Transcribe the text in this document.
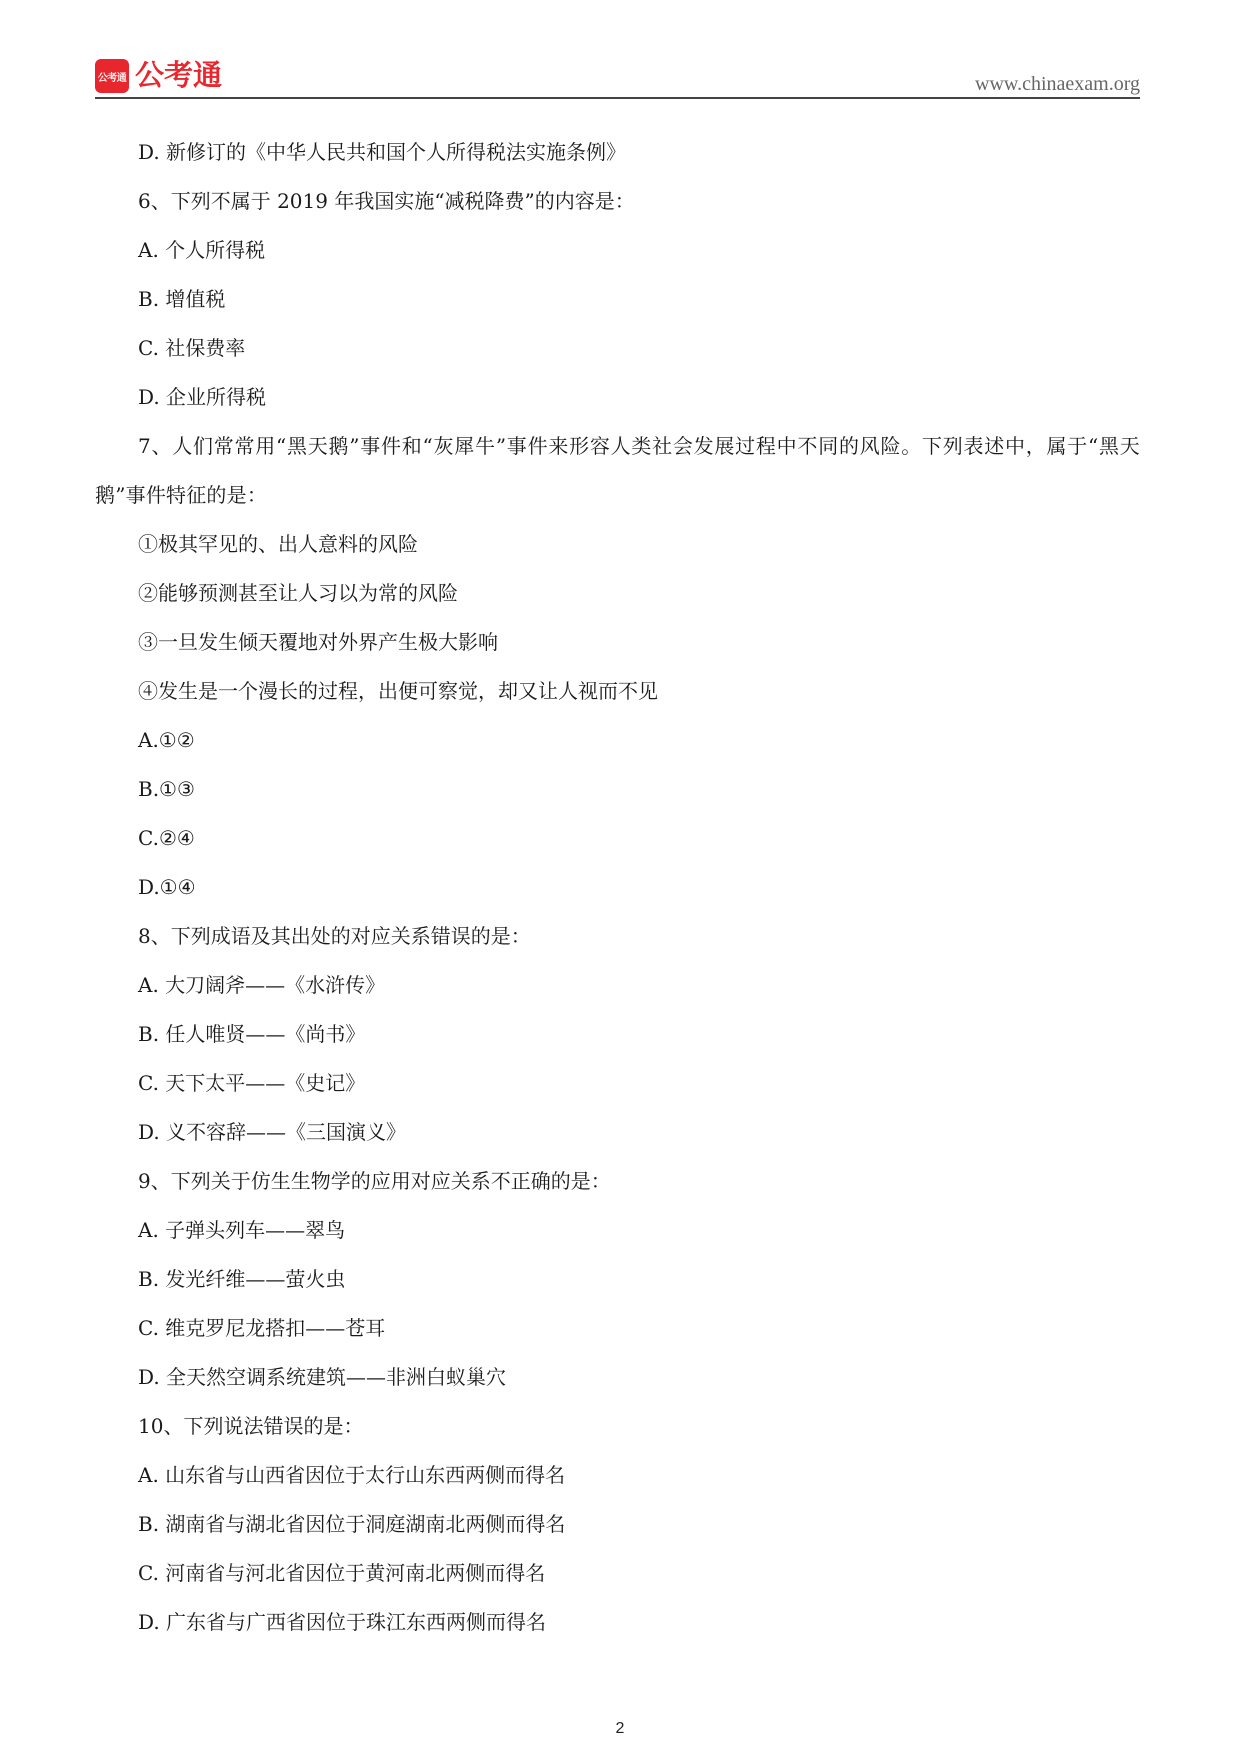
公考通 公考通	www.chinaexam.org

D. 新修订的《中华人民共和国个人所得税法实施条例》

6、下列不属于 2019 年我国实施“减税降费”的内容是：

A. 个人所得税

B. 增值税

C. 社保费率

D. 企业所得税

7、人们常常用“黑天鹅”事件和“灰犀牛”事件来形容人类社会发展过程中不同的风险。下列表述中，属于“黑天鹅”事件特征的是：

①极其罕见的、出人意料的风险

②能够预测甚至让人习以为常的风险

③一旦发生倾天覆地对外界产生极大影响

④发生是一个漫长的过程，出便可察觉，却又让人视而不见

A.①②

B.①③

C.②④

D.①④

8、下列成语及其出处的对应关系错误的是：

A. 大刀阔斧——《水浒传》

B. 任人唯贤——《尚书》

C. 天下太平——《史记》

D. 义不容辞——《三国演义》

9、下列关于仿生生物学的应用对应关系不正确的是：

A. 子弹头列车——翠鸟

B. 发光纤维——萤火虫

C. 维克罗尼龙搭扣——苍耳

D. 全天然空调系统建筑——非洲白蚁巢穴

10、下列说法错误的是：

A. 山东省与山西省因位于太行山东西两侧而得名

B. 湖南省与湖北省因位于洞庭湖南北两侧而得名

C. 河南省与河北省因位于黄河南北两侧而得名

D. 广东省与广西省因位于珠江东西两侧而得名

2
